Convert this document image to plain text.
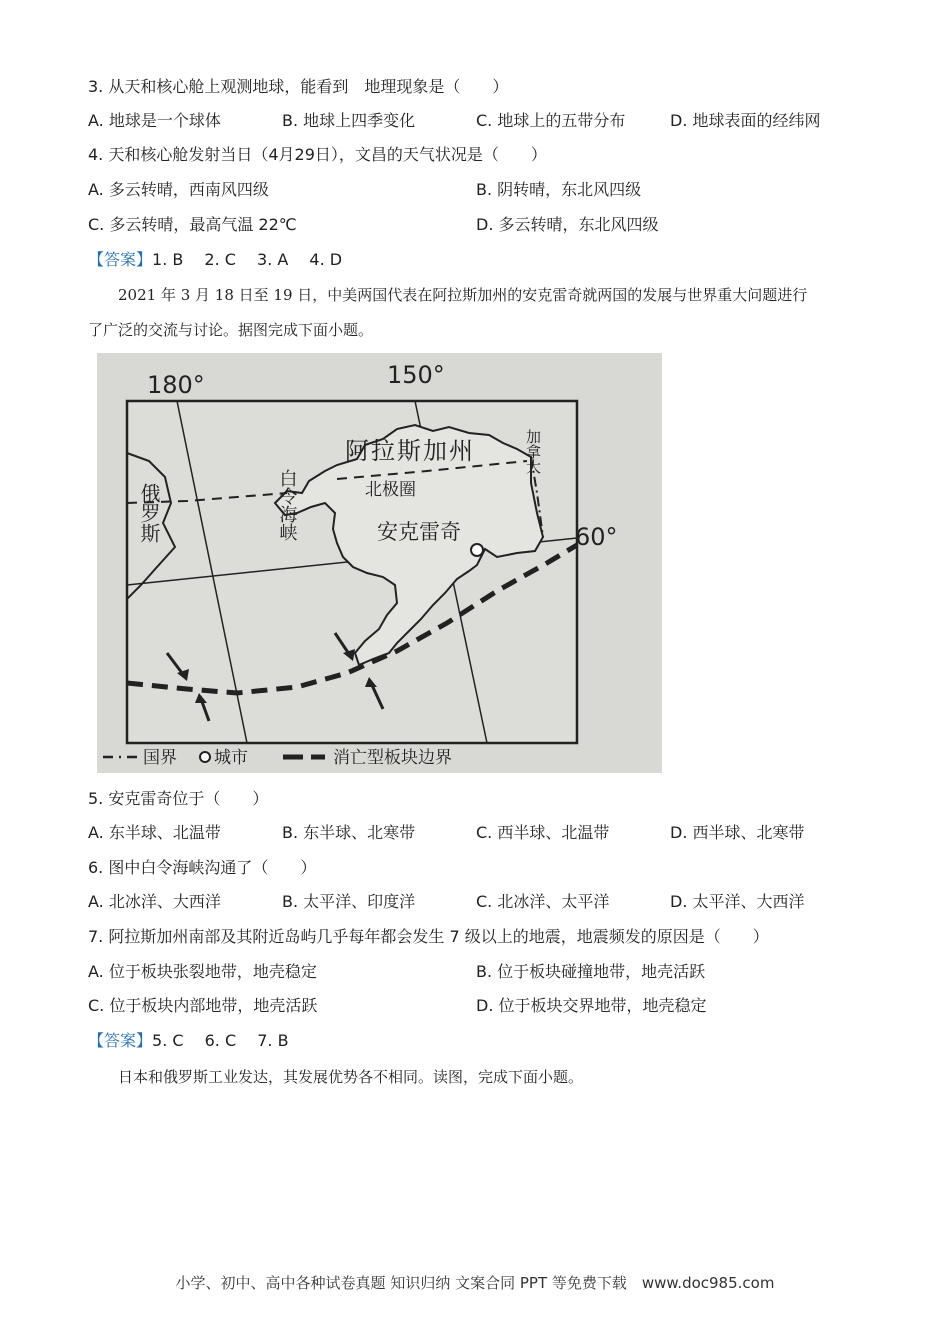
3. 从天和核心舱上观测地球，能看到　地理现象是（　　）
A. 地球是一个球体	B. 地球上四季变化	C. 地球上的五带分布	D. 地球表面的经纬网
4. 天和核心舱发射当日（4月29日），文昌的天气状况是（　　）
A. 多云转晴，西南风四级	B. 阴转晴，东北风四级
C. 多云转晴，最高气温 22℃	D. 多云转晴，东北风四级
【答案】1. B　 2. C　 3. A　 4. D
2021 年 3 月 18 日至 19 日，中美两国代表在阿拉斯加州的安克雷奇就两国的发展与世界重大问题进行
了广泛的交流与讨论。据图完成下面小题。
180°	150°
60°
阿拉斯加州	加拿大
俄罗斯	白令海峡	北极圈
安克雷奇
国界 城市	消亡型板块边界
5. 安克雷奇位于（　　）
A. 东半球、北温带	B. 东半球、北寒带	C. 西半球、北温带	D. 西半球、北寒带
6. 图中白令海峡沟通了（　　）
A. 北冰洋、大西洋	B. 太平洋、印度洋	C. 北冰洋、太平洋	D. 太平洋、大西洋
7. 阿拉斯加州南部及其附近岛屿几乎每年都会发生 7 级以上的地震，地震频发的原因是（　　）
A. 位于板块张裂地带，地壳稳定	B. 位于板块碰撞地带，地壳活跃
C. 位于板块内部地带，地壳活跃	D. 位于板块交界地带，地壳稳定
【答案】5. C　 6. C　 7. B
日本和俄罗斯工业发达，其发展优势各不相同。读图，完成下面小题。
小学、初中、高中各种试卷真题 知识归纳 文案合同 PPT 等免费下载　www.doc985.com
